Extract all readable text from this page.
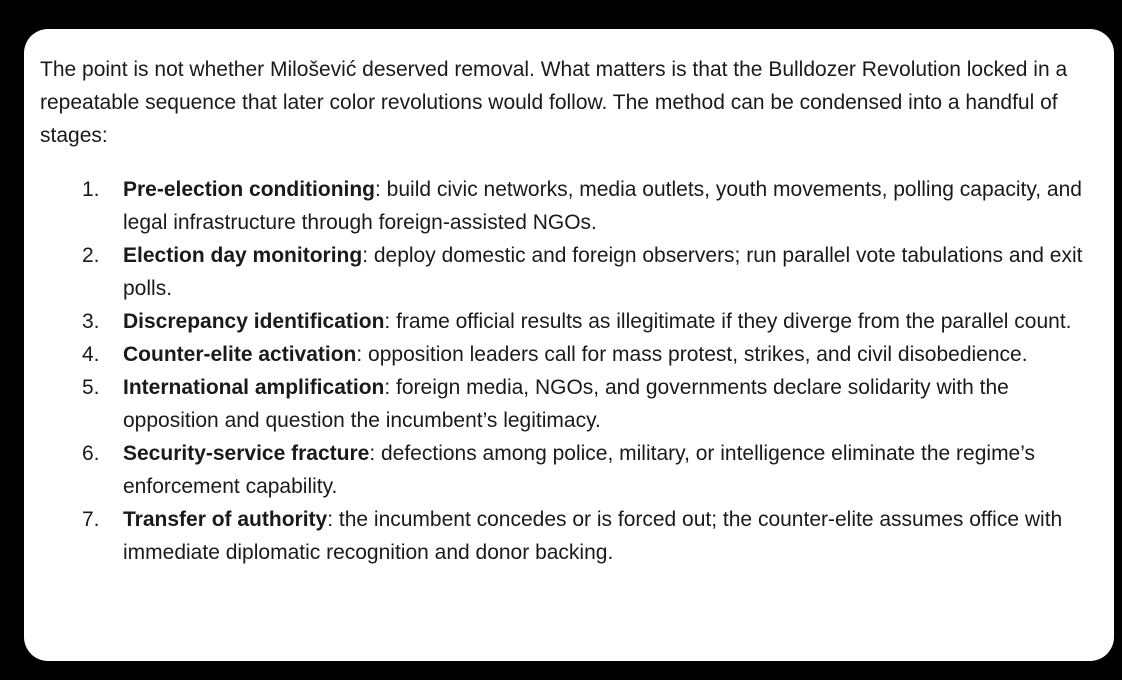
The point is not whether Milošević deserved removal. What matters is that the Bulldozer Revolution locked in a repeatable sequence that later color revolutions would follow. The method can be condensed into a handful of stages:

1. Pre-election conditioning: build civic networks, media outlets, youth movements, polling capacity, and legal infrastructure through foreign-assisted NGOs.
2. Election day monitoring: deploy domestic and foreign observers; run parallel vote tabulations and exit polls.
3. Discrepancy identification: frame official results as illegitimate if they diverge from the parallel count.
4. Counter-elite activation: opposition leaders call for mass protest, strikes, and civil disobedience.
5. International amplification: foreign media, NGOs, and governments declare solidarity with the opposition and question the incumbent’s legitimacy.
6. Security-service fracture: defections among police, military, or intelligence eliminate the regime’s enforcement capability.
7. Transfer of authority: the incumbent concedes or is forced out; the counter-elite assumes office with immediate diplomatic recognition and donor backing.
